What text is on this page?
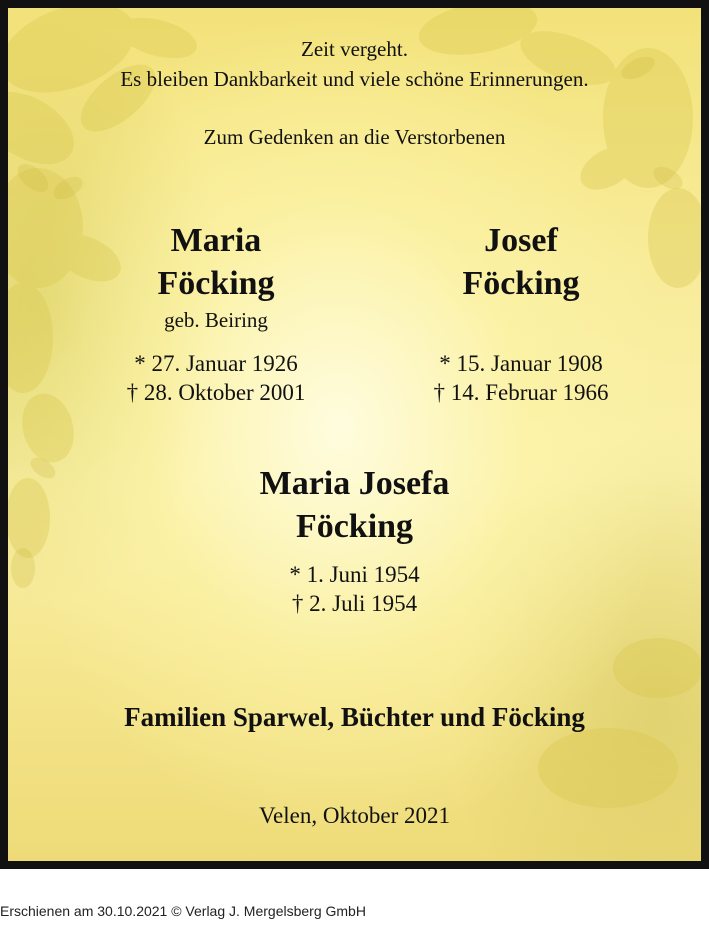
Zeit vergeht.
Es bleiben Dankbarkeit und viele schöne Erinnerungen.
Zum Gedenken an die Verstorbenen
Maria
Föcking
geb. Beiring
* 27. Januar 1926
† 28. Oktober 2001
Josef
Föcking
* 15. Januar 1908
† 14. Februar 1966
Maria Josefa
Föcking
* 1. Juni 1954
† 2. Juli 1954
Familien Sparwel, Büchter und Föcking
Velen, Oktober 2021
Erschienen am 30.10.2021 © Verlag J. Mergelsberg GmbH
